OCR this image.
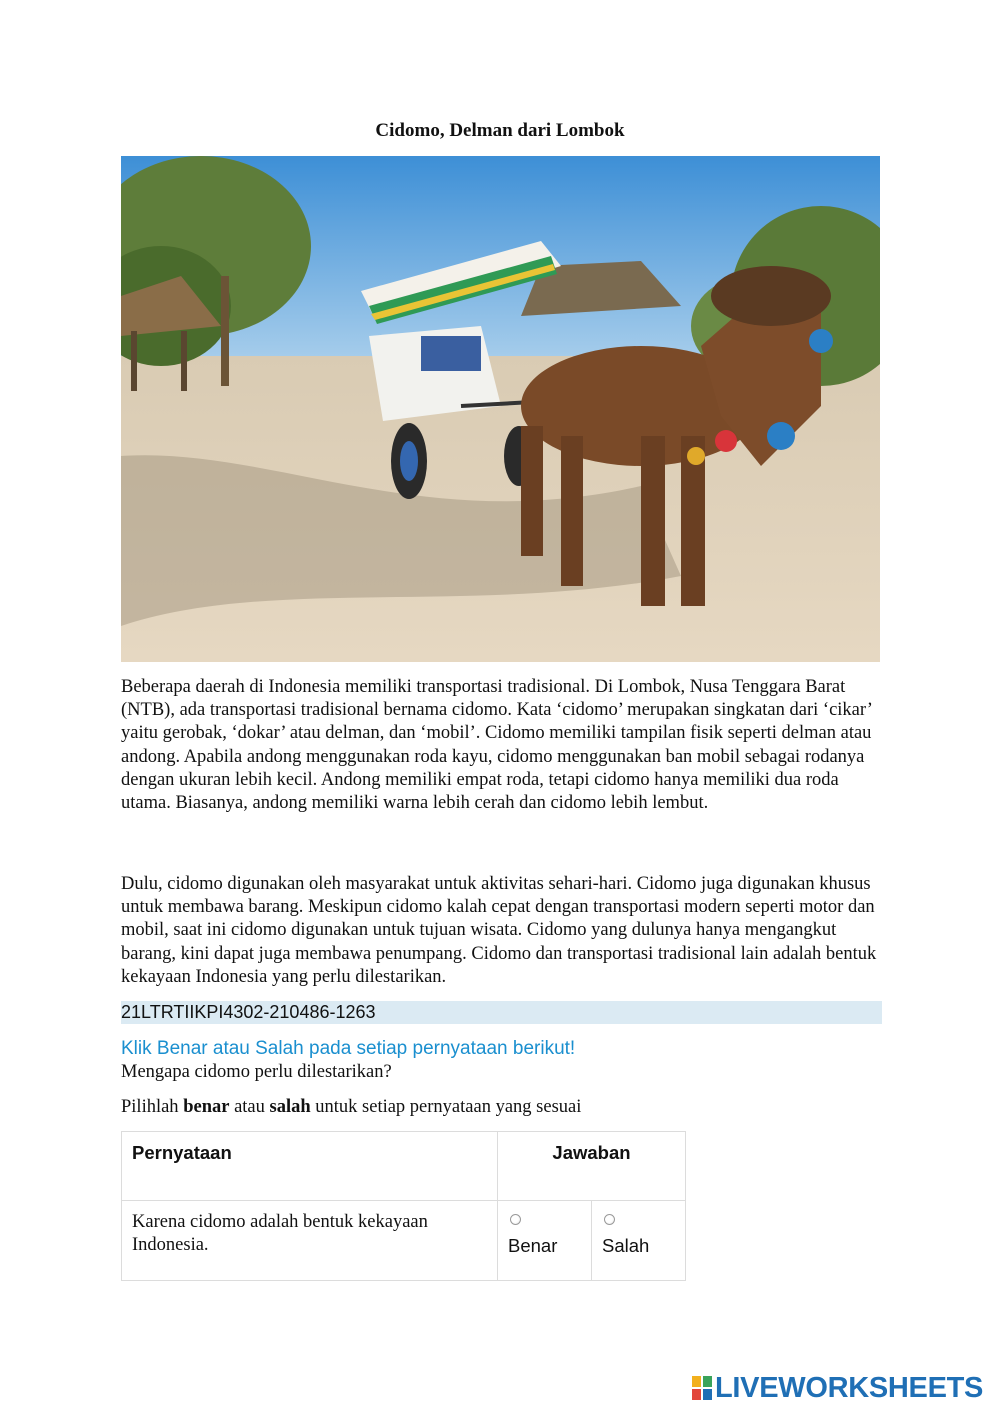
Cidomo, Delman dari Lombok

Beberapa daerah di Indonesia memiliki transportasi tradisional. Di Lombok, Nusa Tenggara Barat (NTB), ada transportasi tradisional bernama cidomo. Kata ‘cidomo’ merupakan singkatan dari ‘cikar’ yaitu gerobak, ‘dokar’ atau delman, dan ‘mobil’. Cidomo memiliki tampilan fisik seperti delman atau andong. Apabila andong menggunakan roda kayu, cidomo menggunakan ban mobil sebagai rodanya dengan ukuran lebih kecil. Andong memiliki empat roda, tetapi cidomo hanya memiliki dua roda utama. Biasanya, andong memiliki warna lebih cerah dan cidomo lebih lembut.

Dulu, cidomo digunakan oleh masyarakat untuk aktivitas sehari-hari. Cidomo juga digunakan khusus untuk membawa barang. Meskipun cidomo kalah cepat dengan transportasi modern seperti motor dan mobil, saat ini cidomo digunakan untuk tujuan wisata. Cidomo yang dulunya hanya mengangkut barang, kini dapat juga membawa penumpang. Cidomo dan transportasi tradisional lain adalah bentuk kekayaan Indonesia yang perlu dilestarikan.

21LTRTIIKPI4302-210486-1263
Klik Benar atau Salah pada setiap pernyataan berikut!
Mengapa cidomo perlu dilestarikan?
Pilihlah benar atau salah untuk setiap pernyataan yang sesuai
Pernyataan	Jawaban	
Karena cidomo adalah bentuk kekayaan Indonesia.	Benar	Salah
LIVEWORKSHEETS
